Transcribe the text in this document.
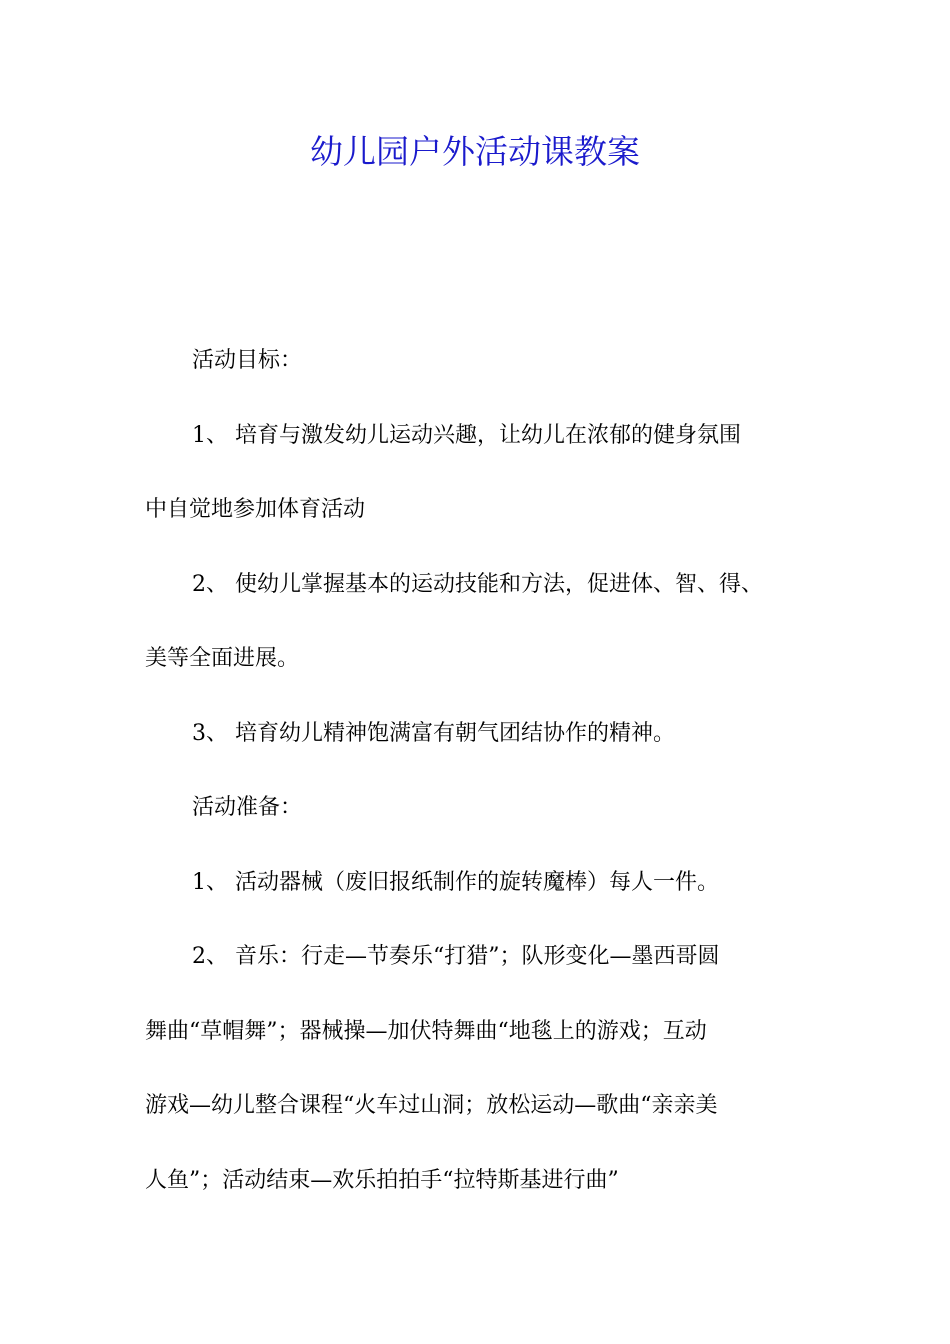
幼儿园户外活动课教案
活动目标：
1、 培育与激发幼儿运动兴趣，让幼儿在浓郁的健身氛围
中自觉地参加体育活动
2、 使幼儿掌握基本的运动技能和方法，促进体、智、得、
美等全面进展。
3、 培育幼儿精神饱满富有朝气团结协作的精神。
活动准备：
1、 活动器械（废旧报纸制作的旋转魔棒）每人一件。
2、 音乐：行走—节奏乐“打猎”；队形变化—墨西哥圆
舞曲“草帽舞”；器械操—加伏特舞曲“地毯上的游戏；互动
游戏—幼儿整合课程“火车过山洞；放松运动—歌曲“亲亲美
人鱼”；活动结束—欢乐拍拍手“拉特斯基进行曲”
